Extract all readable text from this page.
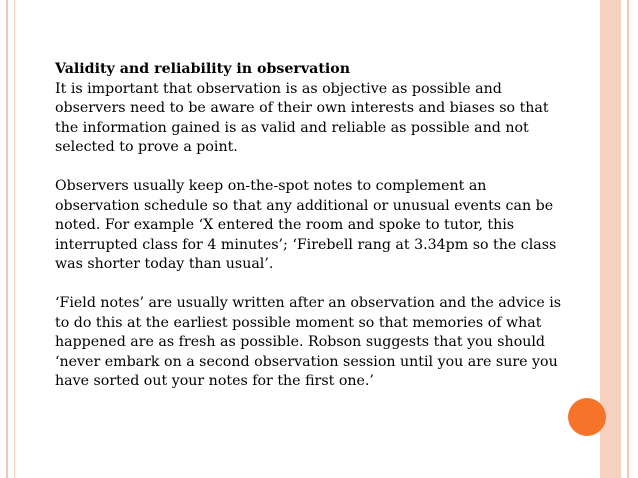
Validity and reliability in observation

It is important that observation is as objective as possible and observers need to be aware of their own interests and biases so that the information gained is as valid and reliable as possible and not selected to prove a point.

Observers usually keep on-the-spot notes to complement an observation schedule so that any additional or unusual events can be noted. For example ‘X entered the room and spoke to tutor, this interrupted class for 4 minutes’; ‘Firebell rang at 3.34pm so the class was shorter today than usual’.

‘Field notes’ are usually written after an observation and the advice is to do this at the earliest possible moment so that memories of what happened are as fresh as possible. Robson suggests that you should ‘never embark on a second observation session until you are sure you have sorted out your notes for the first one.’
